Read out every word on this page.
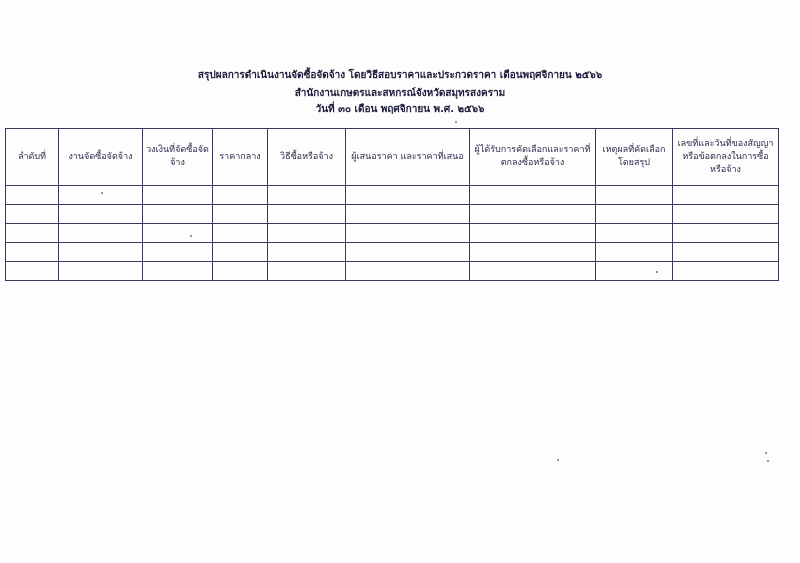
สรุปผลการดำเนินงานจัดซื้อจัดจ้าง โดยวิธีสอบราคาและประกวดราคา เดือนพฤศจิกายน ๒๕๖๖
สำนักงานเกษตรและสหกรณ์จังหวัดสมุทรสงคราม
วันที่ ๓๐ เดือน พฤศจิกายน พ.ศ. ๒๕๖๖
ลำดับที่	งานจัดซื้อจัดจ้าง	วงเงินที่จัดซื้อจัดจ้าง	ราคากลาง	วิธีซื้อหรือจ้าง	ผู้เสนอราคา และราคาที่เสนอ	ผู้ได้รับการคัดเลือกและราคาที่ตกลงซื้อหรือจ้าง	เหตุผลที่คัดเลือกโดยสรุป	เลขที่และวันที่ของสัญญาหรือข้อตกลงในการซื้อหรือจ้าง
